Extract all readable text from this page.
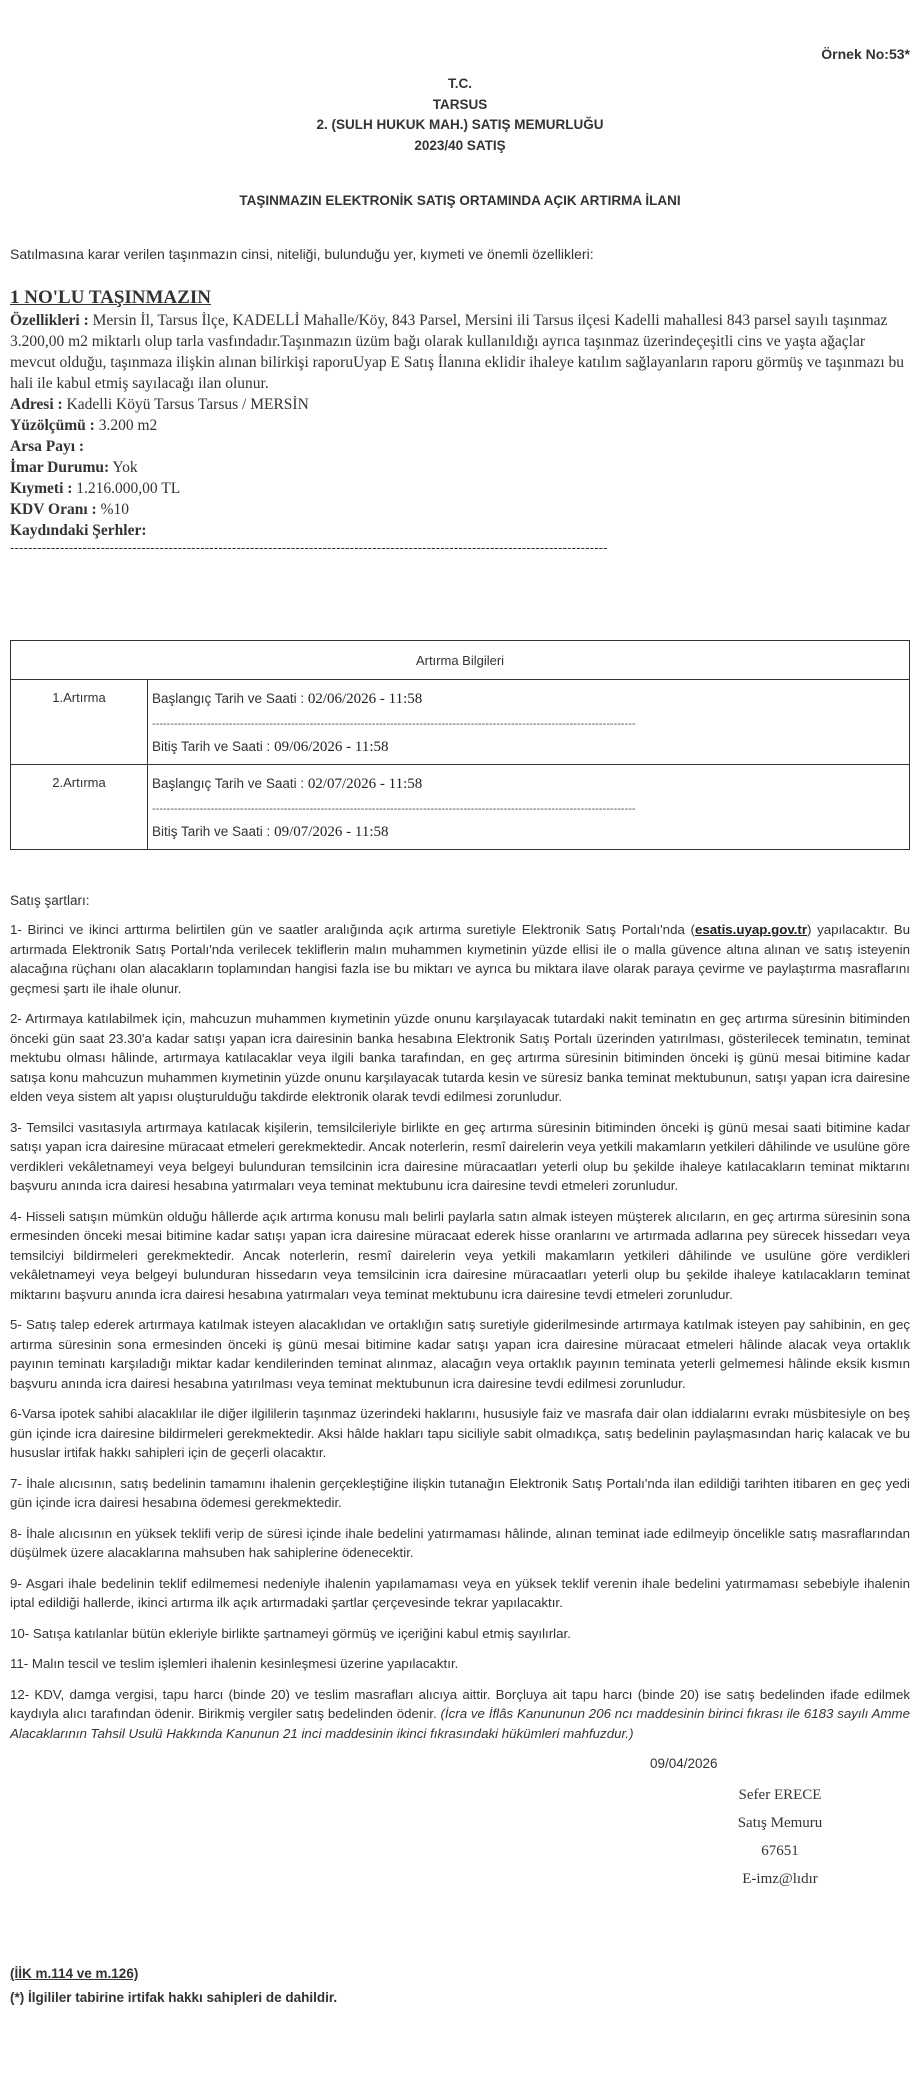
Örnek No:53*
T.C.
TARSUS
2. (SULH HUKUK MAH.) SATIŞ MEMURLUĞU
2023/40 SATIŞ
TAŞINMAZIN ELEKTRONİK SATIŞ ORTAMINDA AÇIK ARTIRMA İLANI
Satılmasına karar verilen taşınmazın cinsi, niteliği, bulunduğu yer, kıymeti ve önemli özellikleri:
1 NO'LU TAŞINMAZIN
Özellikleri : Mersin İl, Tarsus İlçe, KADELLİ Mahalle/Köy, 843 Parsel, Mersini ili Tarsus ilçesi Kadelli mahallesi 843 parsel sayılı taşınmaz 3.200,00 m2 miktarlı olup tarla vasfındadır.Taşınmazın üzüm bağı olarak kullanıldığı ayrıca taşınmaz üzerindeçeşitli cins ve yaşta ağaçlar mevcut olduğu, taşınmaza ilişkin alınan bilirkişi raporuUyap E Satış İlanına eklidir ihaleye katılım sağlayanların raporu görmüş ve taşınmazı bu hali ile kabul etmiş sayılacağı ilan olunur.
Adresi : Kadelli Köyü Tarsus Tarsus / MERSİN
Yüzölçümü : 3.200 m2
Arsa Payı :
İmar Durumu: Yok
Kıymeti : 1.216.000,00 TL
KDV Oranı : %10
Kaydındaki Şerhler:
------------------------------------------------------------------------------------------------------------------------------------
Artırma Bilgileri	
1.Artırma	Başlangıç Tarih ve Saati : 02/06/2026 - 11:58
------------------------------------------------------------------------------------------------------------------------------------
Bitiş Tarih ve Saati : 09/06/2026 - 11:58

2.Artırma	Başlangıç Tarih ve Saati : 02/07/2026 - 11:58
------------------------------------------------------------------------------------------------------------------------------------
Bitiş Tarih ve Saati : 09/07/2026 - 11:58
Satış şartları:

1- Birinci ve ikinci arttırma belirtilen gün ve saatler aralığında açık artırma suretiyle Elektronik Satış Portalı'nda (esatis.uyap.gov.tr) yapılacaktır. Bu artırmada Elektronik Satış Portalı'nda verilecek tekliflerin malın muhammen kıymetinin yüzde ellisi ile o malla güvence altına alınan ve satış isteyenin alacağına rüçhanı olan alacakların toplamından hangisi fazla ise bu miktarı ve ayrıca bu miktara ilave olarak paraya çevirme ve paylaştırma masraflarını geçmesi şartı ile ihale olunur.

2- Artırmaya katılabilmek için, mahcuzun muhammen kıymetinin yüzde onunu karşılayacak tutardaki nakit teminatın en geç artırma süresinin bitiminden önceki gün saat 23.30'a kadar satışı yapan icra dairesinin banka hesabına Elektronik Satış Portalı üzerinden yatırılması, gösterilecek teminatın, teminat mektubu olması hâlinde, artırmaya katılacaklar veya ilgili banka tarafından, en geç artırma süresinin bitiminden önceki iş günü mesai bitimine kadar satışa konu mahcuzun muhammen kıymetinin yüzde onunu karşılayacak tutarda kesin ve süresiz banka teminat mektubunun, satışı yapan icra dairesine elden veya sistem alt yapısı oluşturulduğu takdirde elektronik olarak tevdi edilmesi zorunludur.

3- Temsilci vasıtasıyla artırmaya katılacak kişilerin, temsilcileriyle birlikte en geç artırma süresinin bitiminden önceki iş günü mesai saati bitimine kadar satışı yapan icra dairesine müracaat etmeleri gerekmektedir. Ancak noterlerin, resmî dairelerin veya yetkili makamların yetkileri dâhilinde ve usulüne göre verdikleri vekâletnameyi veya belgeyi bulunduran temsilcinin icra dairesine müracaatları yeterli olup bu şekilde ihaleye katılacakların teminat miktarını başvuru anında icra dairesi hesabına yatırmaları veya teminat mektubunu icra dairesine tevdi etmeleri zorunludur.

4- Hisseli satışın mümkün olduğu hâllerde açık artırma konusu malı belirli paylarla satın almak isteyen müşterek alıcıların, en geç artırma süresinin sona ermesinden önceki mesai bitimine kadar satışı yapan icra dairesine müracaat ederek hisse oranlarını ve artırmada adlarına pey sürecek hissedarı veya temsilciyi bildirmeleri gerekmektedir. Ancak noterlerin, resmî dairelerin veya yetkili makamların yetkileri dâhilinde ve usulüne göre verdikleri vekâletnameyi veya belgeyi bulunduran hissedarın veya temsilcinin icra dairesine müracaatları yeterli olup bu şekilde ihaleye katılacakların teminat miktarını başvuru anında icra dairesi hesabına yatırmaları veya teminat mektubunu icra dairesine tevdi etmeleri zorunludur.

5- Satış talep ederek artırmaya katılmak isteyen alacaklıdan ve ortaklığın satış suretiyle giderilmesinde artırmaya katılmak isteyen pay sahibinin, en geç artırma süresinin sona ermesinden önceki iş günü mesai bitimine kadar satışı yapan icra dairesine müracaat etmeleri hâlinde alacak veya ortaklık payının teminatı karşıladığı miktar kadar kendilerinden teminat alınmaz, alacağın veya ortaklık payının teminata yeterli gelmemesi hâlinde eksik kısmın başvuru anında icra dairesi hesabına yatırılması veya teminat mektubunun icra dairesine tevdi edilmesi zorunludur.

6-Varsa ipotek sahibi alacaklılar ile diğer ilgililerin taşınmaz üzerindeki haklarını, hususiyle faiz ve masrafa dair olan iddialarını evrakı müsbitesiyle on beş gün içinde icra dairesine bildirmeleri gerekmektedir. Aksi hâlde hakları tapu siciliyle sabit olmadıkça, satış bedelinin paylaşmasından hariç kalacak ve bu hususlar irtifak hakkı sahipleri için de geçerli olacaktır.

7- İhale alıcısının, satış bedelinin tamamını ihalenin gerçekleştiğine ilişkin tutanağın Elektronik Satış Portalı'nda ilan edildiği tarihten itibaren en geç yedi gün içinde icra dairesi hesabına ödemesi gerekmektedir.

8- İhale alıcısının en yüksek teklifi verip de süresi içinde ihale bedelini yatırmaması hâlinde, alınan teminat iade edilmeyip öncelikle satış masraflarından düşülmek üzere alacaklarına mahsuben hak sahiplerine ödenecektir.

9- Asgari ihale bedelinin teklif edilmemesi nedeniyle ihalenin yapılamaması veya en yüksek teklif verenin ihale bedelini yatırmaması sebebiyle ihalenin iptal edildiği hallerde, ikinci artırma ilk açık artırmadaki şartlar çerçevesinde tekrar yapılacaktır.

10- Satışa katılanlar bütün ekleriyle birlikte şartnameyi görmüş ve içeriğini kabul etmiş sayılırlar.

11- Malın tescil ve teslim işlemleri ihalenin kesinleşmesi üzerine yapılacaktır.

12- KDV, damga vergisi, tapu harcı (binde 20) ve teslim masrafları alıcıya aittir. Borçluya ait tapu harcı (binde 20) ise satış bedelinden ifade edilmek kaydıyla alıcı tarafından ödenir. Birikmiş vergiler satış bedelinden ödenir. (İcra ve İflâs Kanununun 206 ncı maddesinin birinci fıkrası ile 6183 sayılı Amme Alacaklarının Tahsil Usulü Hakkında Kanunun 21 inci maddesinin ikinci fıkrasındaki hükümleri mahfuzdur.)

09/04/2026
Sefer ERECE
Satış Memuru
67651
E-imz@lıdır
(İİK m.114 ve m.126)
(*) İlgililer tabirine irtifak hakkı sahipleri de dahildir.
